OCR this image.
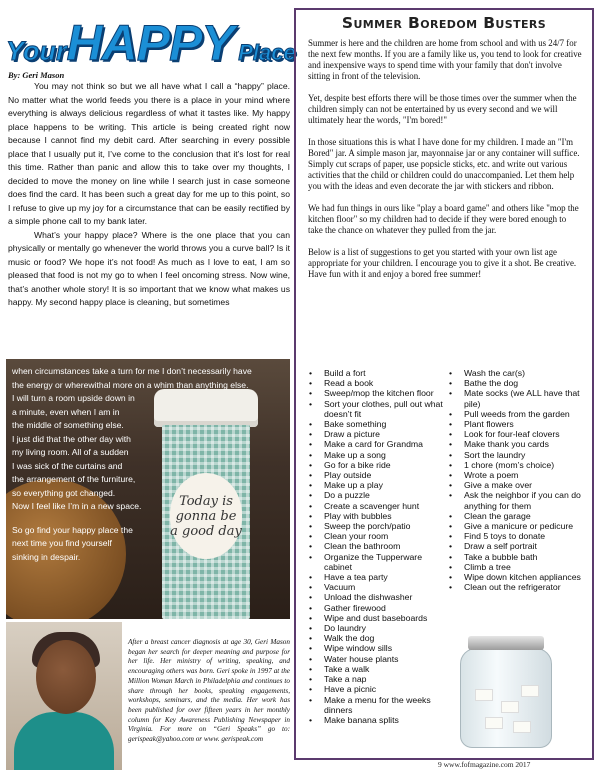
YourHAPPY Place
By: Geri Mason

You may not think so but we all have what I call a “happy” place. No matter what the world feeds you there is a place in your mind where everything is always delicious regardless of what it tastes like. My happy place happens to be writing. This article is being created right now because I cannot find my debit card. After searching in every possible place that I usually put it, I’ve come to the conclusion that it’s lost for real this time. Rather than panic and allow this to take over my thoughts, I decided to move the money on line while I search just in case someone does find the card. It has been such a great day for me up to this point, so I refuse to give up my joy for a circumstance that can be easily rectified by a simple phone call to my bank later.

What’s your happy place? Where is the one place that you can physically or mentally go whenever the world throws you a curve ball? Is it music or food? We hope it’s not food! As much as I love to eat, I am so pleased that food is not my go to when I feel oncoming stress. Now wine, that’s another whole story! It is so important that we know what makes us happy. My second happy place is cleaning, but sometimes

Today is gonna be a good day
when circumstances take a turn for me I don’t necessarily have
the energy or wherewithal more on a whim than anything else.
I will turn a room upside down in
a minute, even when I am in
the middle of something else.
I just did that the other day with
my living room. All of a sudden
I was sick of the curtains and
the arrangement of the furniture,
so everything got changed.
Now I feel like I’m in a new space.
So go find your happy place the
next time you find yourself
sinking in despair.
After a breast cancer diagnosis at age 30, Geri Mason began her search for deeper meaning and purpose for her life. Her ministry of writing, speaking, and encouraging others was born. Geri spoke in 1997 at the Million Woman March in Philadelphia and continues to share through her books, speaking engagements, workshops, seminars, and the media. Her work has been published for over fifteen years in her monthly column for Key Awareness Publishing Newspaper in Virginia. For more on “Geri Speaks” go to: gerispeak@yahoo.com or www. gerispeak.com
Summer Boredom Busters

Summer is here and the children are home from school and with us 24/7 for the next few months. If you are a family like us, you tend to look for creative and inexpensive ways to spend time with your family that don't involve sitting in front of the television.

Yet, despite best efforts there will be those times over the summer when the children simply can not be entertained by us every second and we will ultimately hear the words, "I'm bored!"

In those situations this is what I have done for my children. I made an "I'm Bored" jar. A simple mason jar, mayonnaise jar or any container will suffice. Simply cut scraps of paper, use popsicle sticks, etc. and write out various activities that the child or children could do unaccompanied. Let them help you with the ideas and even decorate the jar with stickers and ribbon.

We had fun things in ours like "play a board game" and others like "mop the kitchen floor" so my children had to decide if they were bored enough to take the chance on whatever they pulled from the jar.

Below is a list of suggestions to get you started with your own list age appropriate for your children. I encourage you to give it a shot. Be creative. Have fun with it and enjoy a bored free summer!

• Build a fort
• Read a book
• Sweep/mop the kitchen floor
• Sort your clothes, pull out what doesn’t fit
• Bake something
• Draw a picture
• Make a card for Grandma
• Make up a song
• Go for a bike ride
• Play outside
• Make up a play
• Do a puzzle
• Create a scavenger hunt
• Play with bubbles
• Sweep the porch/patio
• Clean your room
• Clean the bathroom
• Organize the Tupperware cabinet
• Have a tea party
• Vacuum
• Unload the dishwasher
• Gather firewood
• Wipe and dust baseboards
• Do laundry
• Walk the dog
• Wipe window sills
• Water house plants
• Take a walk
• Take a nap
• Have a picnic
• Make a menu for the weeks dinners
• Make banana splits
• Wash the car(s)
• Bathe the dog
• Mate socks (we ALL have that pile)
• Pull weeds from the garden
• Plant flowers
• Look for four-leaf clovers
• Make thank you cards
• Sort the laundry
• 1 chore (mom’s choice)
• Wrote a poem
• Give a make over
• Ask the neighbor if you can do anything for them
• Clean the garage
• Give a manicure or pedicure
• Find 5 toys to donate
• Draw a self portrait
• Take a bubble bath
• Climb a tree
• Wipe down kitchen appliances
• Clean out the refrigerator
9 www.fofmagazine.com 2017
